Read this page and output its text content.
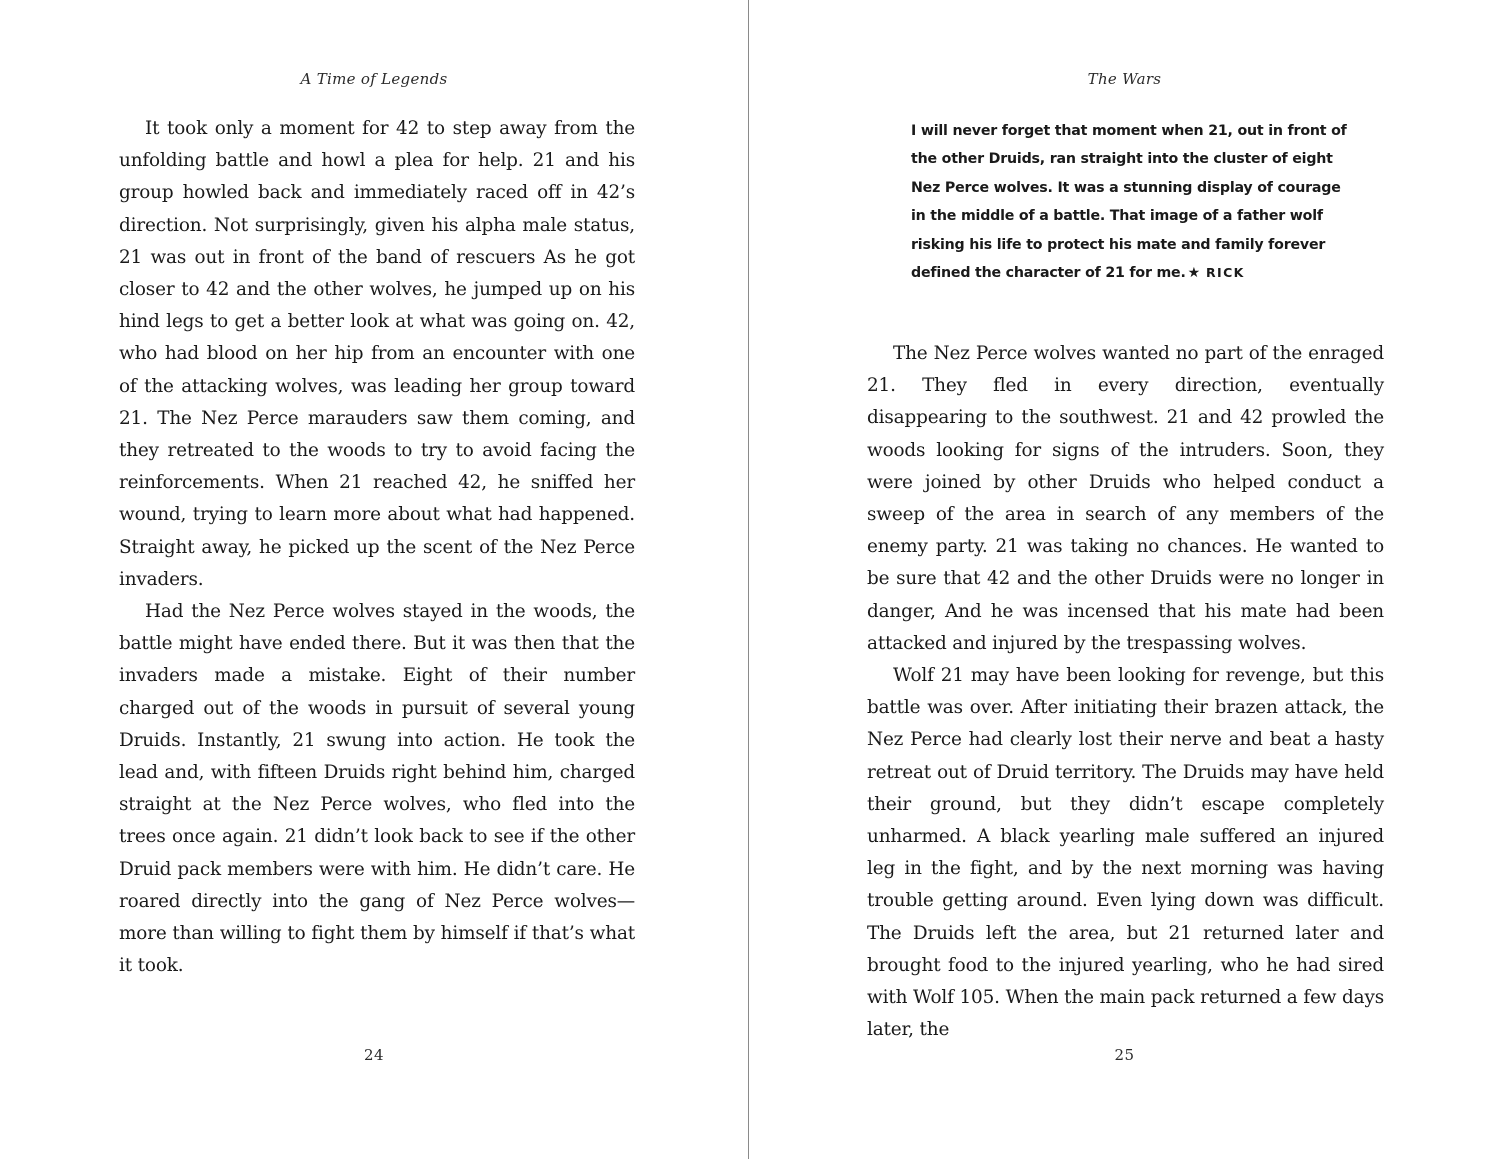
A Time of Legends

It took only a moment for 42 to step away from the unfolding battle and howl a plea for help. 21 and his group howled back and immediately raced off in 42’s direction. Not surprisingly, given his alpha male status, 21 was out in front of the band of rescuers As he got closer to 42 and the other wolves, he jumped up on his hind legs to get a better look at what was going on. 42, who had blood on her hip from an encounter with one of the attacking wolves, was leading her group toward 21. The Nez Perce marauders saw them coming, and they retreated to the woods to try to avoid facing the reinforcements. When 21 reached 42, he sniffed her wound, trying to learn more about what had happened. Straight away, he picked up the scent of the Nez Perce invaders.

Had the Nez Perce wolves stayed in the woods, the battle might have ended there. But it was then that the invaders made a mistake. Eight of their number charged out of the woods in pursuit of several young Druids. Instantly, 21 swung into action. He took the lead and, with fifteen Druids right behind him, charged straight at the Nez Perce wolves, who fled into the trees once again. 21 didn’t look back to see if the other Druid pack members were with him. He didn’t care. He roared directly into the gang of Nez Perce wolves—more than willing to fight them by himself if that’s what it took.

24
The Wars
I will never forget that moment when 21, out in front of the other Druids, ran straight into the cluster of eight Nez Perce wolves. It was a stunning display of courage in the middle of a battle. That image of a father wolf risking his life to protect his mate and family forever defined the character of 21 for me. ★ RICK

The Nez Perce wolves wanted no part of the enraged 21. They fled in every direction, eventually disappearing to the southwest. 21 and 42 prowled the woods looking for signs of the intruders. Soon, they were joined by other Druids who helped conduct a sweep of the area in search of any members of the enemy party. 21 was taking no chances. He wanted to be sure that 42 and the other Druids were no longer in danger, And he was incensed that his mate had been attacked and injured by the trespassing wolves.

Wolf 21 may have been looking for revenge, but this battle was over. After initiating their brazen attack, the Nez Perce had clearly lost their nerve and beat a hasty retreat out of Druid territory. The Druids may have held their ground, but they didn’t escape completely unharmed. A black yearling male suffered an injured leg in the fight, and by the next morning was having trouble getting around. Even lying down was difficult. The Druids left the area, but 21 returned later and brought food to the injured yearling, who he had sired with Wolf 105. When the main pack returned a few days later, the

25
